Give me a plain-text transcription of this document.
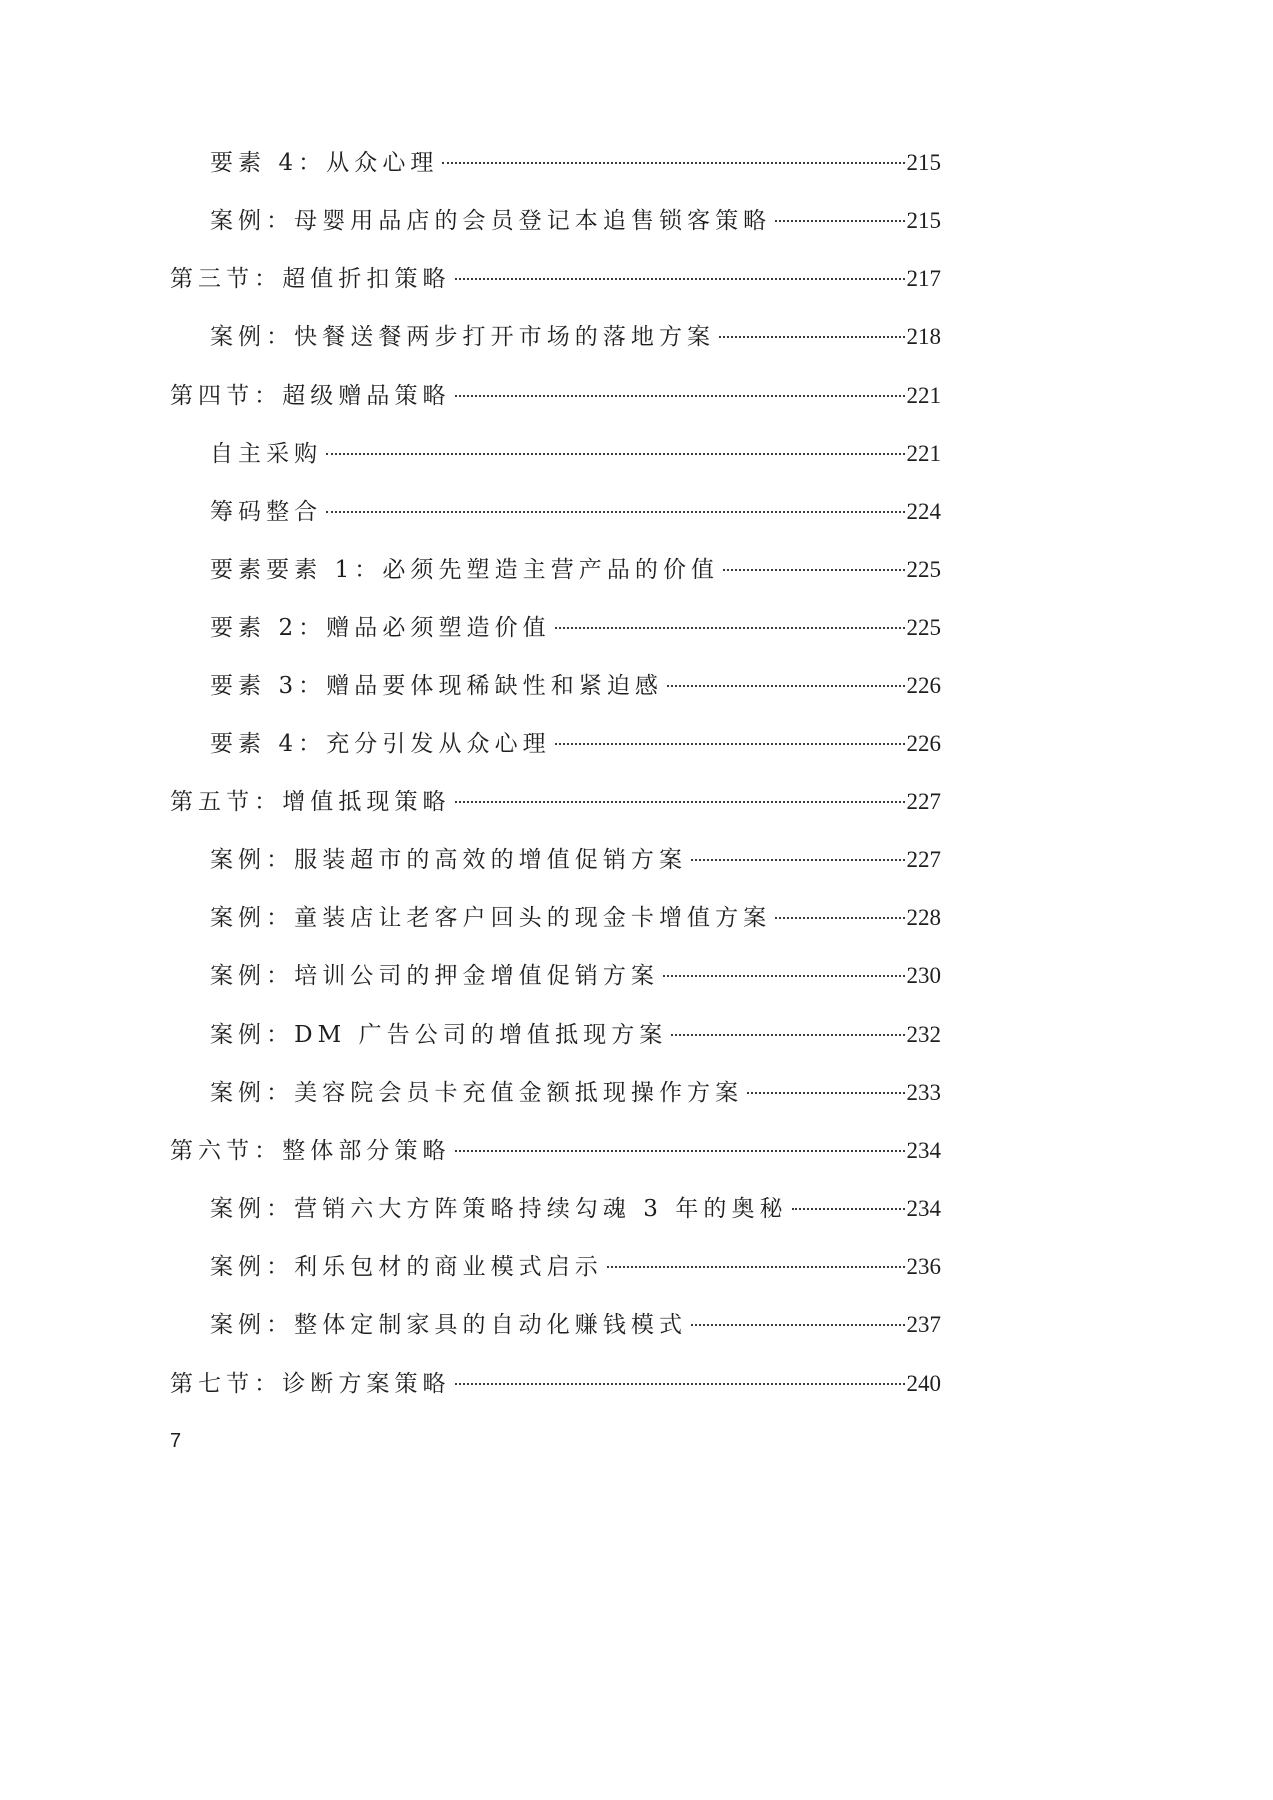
要素 4：从众心理	215
案例：母婴用品店的会员登记本追售锁客策略	215
第三节：超值折扣策略	217
案例：快餐送餐两步打开市场的落地方案	218
第四节：超级赠品策略	221
自主采购	221
筹码整合	224
要素要素 1：必须先塑造主营产品的价值	225
要素 2：赠品必须塑造价值	225
要素 3：赠品要体现稀缺性和紧迫感	226
要素 4：充分引发从众心理	226
第五节：增值抵现策略	227
案例：服装超市的高效的增值促销方案	227
案例：童装店让老客户回头的现金卡增值方案	228
案例：培训公司的押金增值促销方案	230
案例：DM 广告公司的增值抵现方案	232
案例：美容院会员卡充值金额抵现操作方案	233
第六节：整体部分策略	234
案例：营销六大方阵策略持续勾魂 3 年的奥秘	234
案例：利乐包材的商业模式启示	236
案例：整体定制家具的自动化赚钱模式	237
第七节：诊断方案策略	240
7
